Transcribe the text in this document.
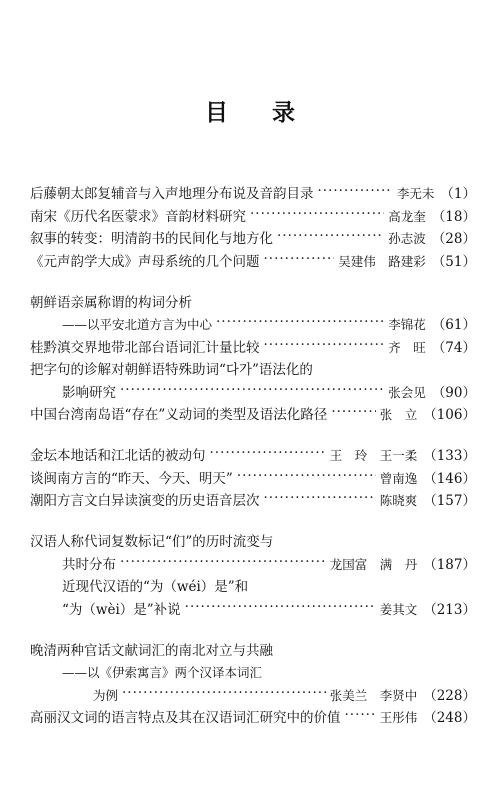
目 录
后藤朝太郎复辅音与入声地理分布说及音韵目录 ·····	李无未 （1）
南宋《历代名医蒙求》音韵材料研究 ·····	高龙奎 （18）
叙事的转变：明清韵书的民间化与地方化 ·····	孙志波 （28）
《元声韵学大成》声母系统的几个问题 ·····	吴建伟　路建彩 （51）
朝鲜语亲属称谓的构词分析
——以平安北道方言为中心 ·····	李锦花 （61）
桂黔滇交界地带北部台语词汇计量比较 ·····	齐　旺 （74）
把字句的诊解对朝鲜语特殊助词“다가”语法化的
影响研究 ·····	张会见 （90）
中国台湾南岛语“存在”义动词的类型及语法化路径 ·····	张　立 （106）
金坛本地话和江北话的被动句 ·····	王　玲　王一柔 （133）
谈闽南方言的“昨天、今天、明天” ·····	曾南逸 （146）
潮阳方言文白异读演变的历史语音层次 ·····	陈晓爽 （157）
汉语人称代词复数标记“们”的历时流变与
共时分布 ·····	龙国富　满　丹 （187）
近现代汉语的“为（wéi）是”和
“为（wèi）是”补说 ·····	姜其文 （213）
晚清两种官话文献词汇的南北对立与共融
——以《伊索寓言》两个汉译本词汇
为例 ·····	张美兰　李贤中 （228）
高丽汉文词的语言特点及其在汉语词汇研究中的价值 ·····	王彤伟 （248）
